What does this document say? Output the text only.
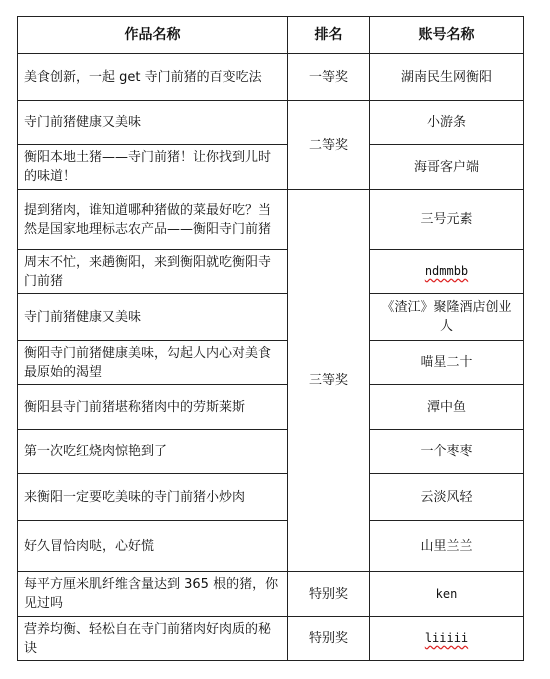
作品名称	排名	账号名称
美食创新，一起 get 寺门前猪的百变吃法	一等奖	湖南民生网衡阳
寺门前猪健康又美味	二等奖	小游条
衡阳本地土猪——寺门前猪！让你找到儿时的味道！		海哥客户端
提到猪肉，谁知道哪种猪做的菜最好吃？当然是国家地理标志农产品——衡阳寺门前猪	三等奖	三号元素
周末不忙，来趟衡阳，来到衡阳就吃衡阳寺门前猪		ndmmbb
寺门前猪健康又美味		《渣江》聚隆酒店创业人
衡阳寺门前猪健康美味，勾起人内心对美食最原始的渴望		喵星二十
衡阳县寺门前猪堪称猪肉中的劳斯莱斯		潭中鱼
第一次吃红烧肉惊艳到了		一个枣枣
来衡阳一定要吃美味的寺门前猪小炒肉		云淡风轻
好久冒恰肉哒，心好慌		山里兰兰
每平方厘米肌纤维含量达到 365 根的猪，你见过吗	特别奖	ken
营养均衡、轻松自在寺门前猪肉好肉质的秘诀	特别奖	liiiii
